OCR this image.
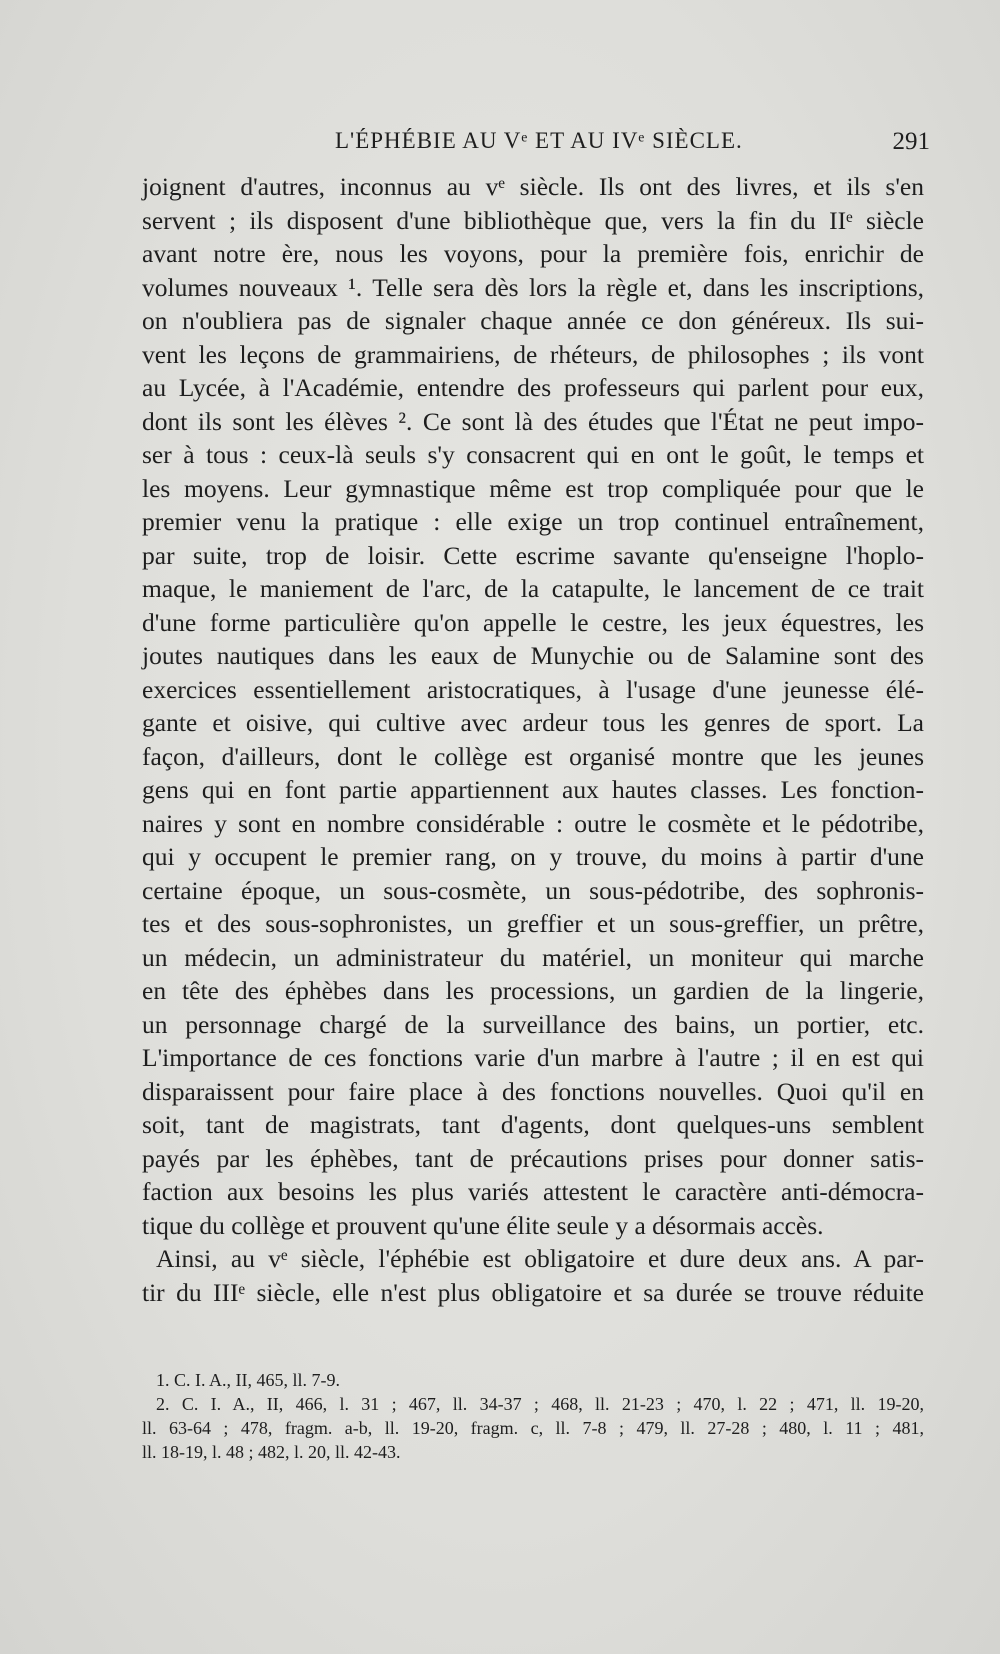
L'ÉPHÉBIE AU Vᵉ ET AU IVᵉ SIÈCLE.	291
joignent d'autres, inconnus au vᵉ siècle. Ils ont des livres, et ils s'en
servent ; ils disposent d'une bibliothèque que, vers la fin du IIᵉ siècle
avant notre ère, nous les voyons, pour la première fois, enrichir de
volumes nouveaux ¹. Telle sera dès lors la règle et, dans les inscriptions,
on n'oubliera pas de signaler chaque année ce don généreux. Ils sui-
vent les leçons de grammairiens, de rhéteurs, de philosophes ; ils vont
au Lycée, à l'Académie, entendre des professeurs qui parlent pour eux,
dont ils sont les élèves ². Ce sont là des études que l'État ne peut impo-
ser à tous : ceux-là seuls s'y consacrent qui en ont le goût, le temps et
les moyens. Leur gymnastique même est trop compliquée pour que le
premier venu la pratique : elle exige un trop continuel entraînement,
par suite, trop de loisir. Cette escrime savante qu'enseigne l'hoplo-
maque, le maniement de l'arc, de la catapulte, le lancement de ce trait
d'une forme particulière qu'on appelle le cestre, les jeux équestres, les
joutes nautiques dans les eaux de Munychie ou de Salamine sont des
exercices essentiellement aristocratiques, à l'usage d'une jeunesse élé-
gante et oisive, qui cultive avec ardeur tous les genres de sport. La
façon, d'ailleurs, dont le collège est organisé montre que les jeunes
gens qui en font partie appartiennent aux hautes classes. Les fonction-
naires y sont en nombre considérable : outre le cosmète et le pédotribe,
qui y occupent le premier rang, on y trouve, du moins à partir d'une
certaine époque, un sous-cosmète, un sous-pédotribe, des sophronis-
tes et des sous-sophronistes, un greffier et un sous-greffier, un prêtre,
un médecin, un administrateur du matériel, un moniteur qui marche
en tête des éphèbes dans les processions, un gardien de la lingerie,
un personnage chargé de la surveillance des bains, un portier, etc.
L'importance de ces fonctions varie d'un marbre à l'autre ; il en est qui
disparaissent pour faire place à des fonctions nouvelles. Quoi qu'il en
soit, tant de magistrats, tant d'agents, dont quelques-uns semblent
payés par les éphèbes, tant de précautions prises pour donner satis-
faction aux besoins les plus variés attestent le caractère anti-démocra-
tique du collège et prouvent qu'une élite seule y a désormais accès.
Ainsi, au vᵉ siècle, l'éphébie est obligatoire et dure deux ans. A par-
tir du IIIᵉ siècle, elle n'est plus obligatoire et sa durée se trouve réduite
1. C. I. A., II, 465, ll. 7-9.
2. C. I. A., II, 466, l. 31 ; 467, ll. 34-37 ; 468, ll. 21-23 ; 470, l. 22 ; 471, ll. 19-20,
ll. 63-64 ; 478, fragm. a-b, ll. 19-20, fragm. c, ll. 7-8 ; 479, ll. 27-28 ; 480, l. 11 ; 481,
ll. 18-19, l. 48 ; 482, l. 20, ll. 42-43.
